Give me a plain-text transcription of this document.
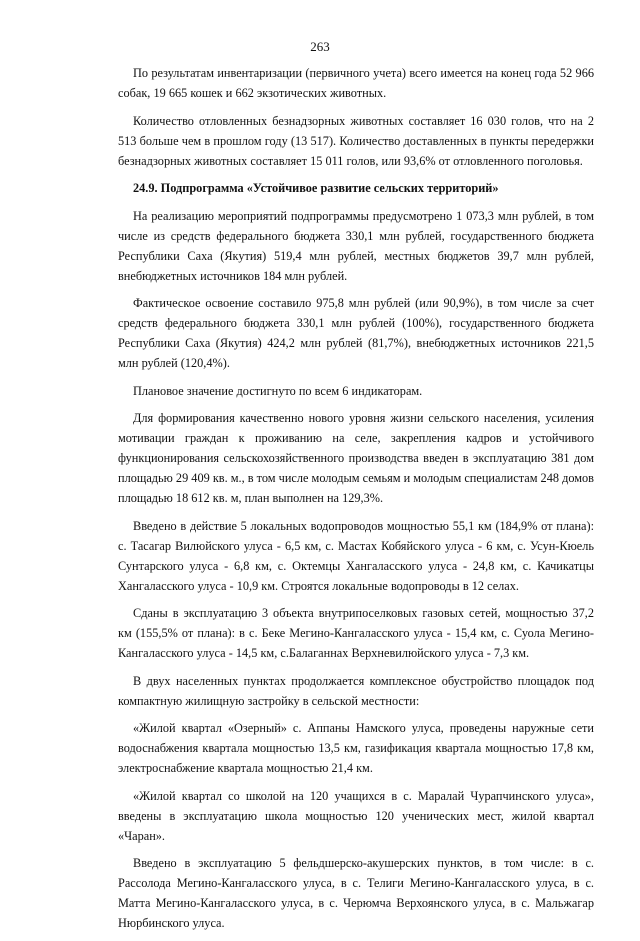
263

По результатам инвентаризации (первичного учета) всего имеется на конец года 52 966 собак, 19 665 кошек и 662 экзотических животных.

Количество отловленных безнадзорных животных составляет 16 030 голов, что на 2 513 больше чем в прошлом году (13 517). Количество доставленных в пункты передержки безнадзорных животных составляет 15 011 голов, или 93,6% от отловленного поголовья.

24.9. Подпрограмма «Устойчивое развитие сельских территорий»

На реализацию мероприятий подпрограммы предусмотрено 1 073,3 млн рублей, в том числе из средств федерального бюджета 330,1 млн рублей, государственного бюджета Республики Саха (Якутия) 519,4 млн рублей, местных бюджетов 39,7 млн рублей, внебюджетных источников 184 млн рублей.

Фактическое освоение составило 975,8 млн рублей (или 90,9%), в том числе за счет средств федерального бюджета 330,1 млн рублей (100%), государственного бюджета Республики Саха (Якутия) 424,2 млн рублей (81,7%), внебюджетных источников 221,5 млн рублей (120,4%).

Плановое значение достигнуто по всем 6 индикаторам.

Для формирования качественно нового уровня жизни сельского населения, усиления мотивации граждан к проживанию на селе, закрепления кадров и устойчивого функционирования сельскохозяйственного производства введен в эксплуатацию 381 дом площадью 29 409 кв. м., в том числе молодым семьям и молодым специалистам 248 домов площадью 18 612 кв. м, план выполнен на 129,3%.

Введено в действие 5 локальных водопроводов мощностью 55,1 км (184,9% от плана): с. Тасагар Вилюйского улуса - 6,5 км, с. Мастах Кобяйского улуса - 6 км, с. Усун-Кюель Сунтарского улуса - 6,8 км, с. Октемцы Хангаласского улуса - 24,8 км, с. Качикатцы Хангаласского улуса - 10,9 км. Строятся локальные водопроводы в 12 селах.

Сданы в эксплуатацию 3 объекта внутрипоселковых газовых сетей, мощностью 37,2 км (155,5% от плана): в с. Беке Мегино-Кангаласского улуса - 15,4 км, с. Суола Мегино-Кангаласского улуса - 14,5 км, с.Балаганнах Верхневилюйского улуса - 7,3 км.

В двух населенных пунктах продолжается комплексное обустройство площадок под компактную жилищную застройку в сельской местности:

«Жилой квартал «Озерный» с. Аппаны Намского улуса, проведены наружные сети водоснабжения квартала мощностью 13,5 км, газификация квартала мощностью 17,8 км, электроснабжение квартала мощностью 21,4 км.

«Жилой квартал со школой на 120 учащихся в с. Маралай Чурапчинского улуса», введены в эксплуатацию школа мощностью 120 ученических мест, жилой квартал «Чаран».

Введено в эксплуатацию 5 фельдшерско-акушерских пунктов, в том числе: в с. Рассолода Мегино-Кангаласского улуса, в с. Телиги Мегино-Кангаласского улуса, в с. Матта Мегино-Кангаласского улуса, в с. Черюмча Верхоянского улуса, в с. Мальжагар Нюрбинского улуса.
